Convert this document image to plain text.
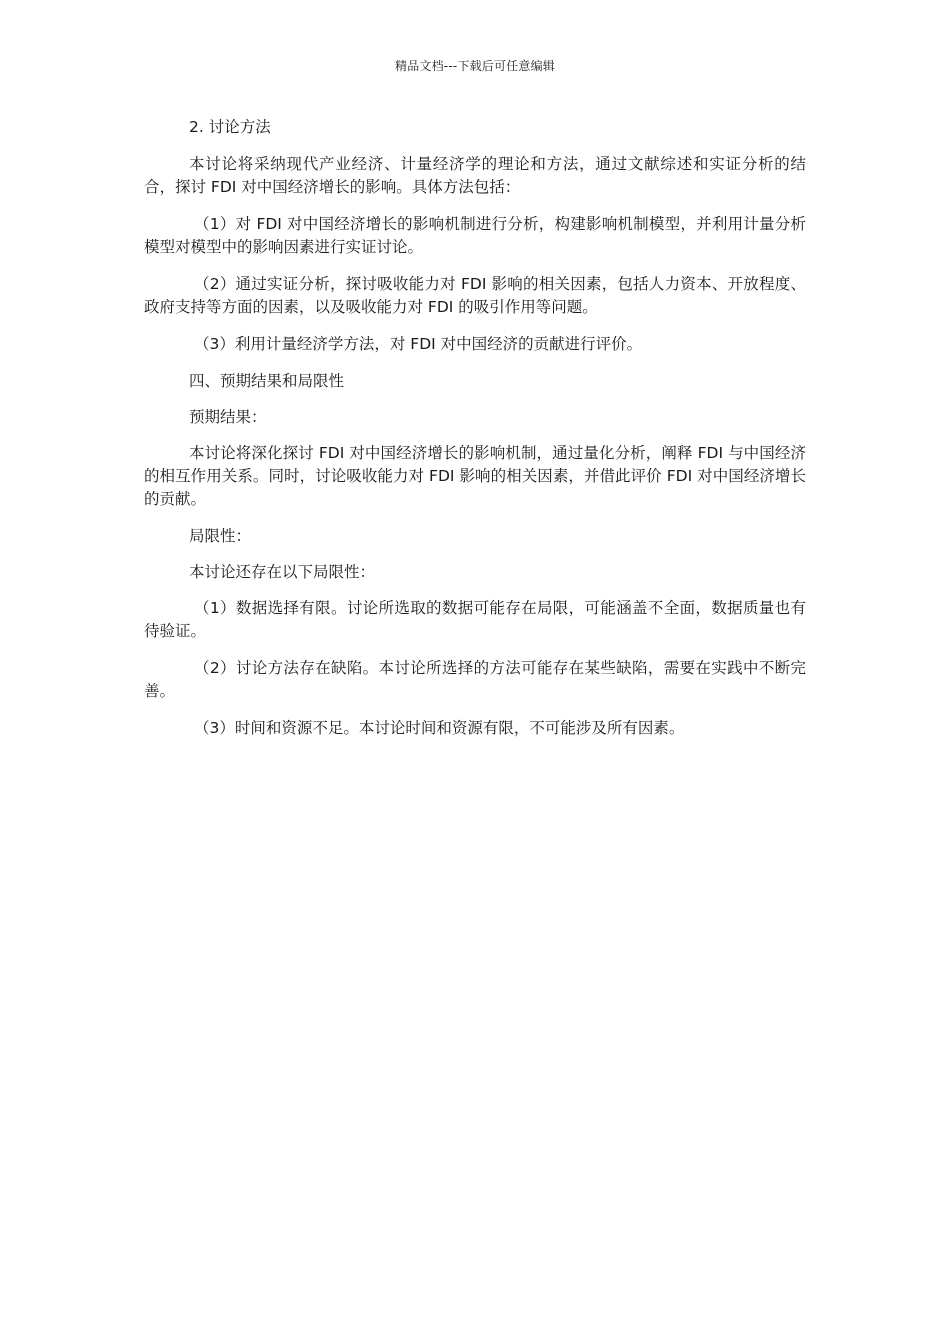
精品文档---下载后可任意编辑

2. 讨论方法

本讨论将采纳现代产业经济、计量经济学的理论和方法，通过文献综述和实证分析的结合，探讨 FDI 对中国经济增长的影响。具体方法包括：

（1）对 FDI 对中国经济增长的影响机制进行分析，构建影响机制模型，并利用计量分析模型对模型中的影响因素进行实证讨论。

（2）通过实证分析，探讨吸收能力对 FDI 影响的相关因素，包括人力资本、开放程度、政府支持等方面的因素，以及吸收能力对 FDI 的吸引作用等问题。

（3）利用计量经济学方法，对 FDI 对中国经济的贡献进行评价。

四、预期结果和局限性

预期结果：

本讨论将深化探讨 FDI 对中国经济增长的影响机制，通过量化分析，阐释 FDI 与中国经济的相互作用关系。同时，讨论吸收能力对 FDI 影响的相关因素，并借此评价 FDI 对中国经济增长的贡献。

局限性：

本讨论还存在以下局限性：

（1）数据选择有限。讨论所选取的数据可能存在局限，可能涵盖不全面，数据质量也有待验证。

（2）讨论方法存在缺陷。本讨论所选择的方法可能存在某些缺陷，需要在实践中不断完善。

（3）时间和资源不足。本讨论时间和资源有限，不可能涉及所有因素。
